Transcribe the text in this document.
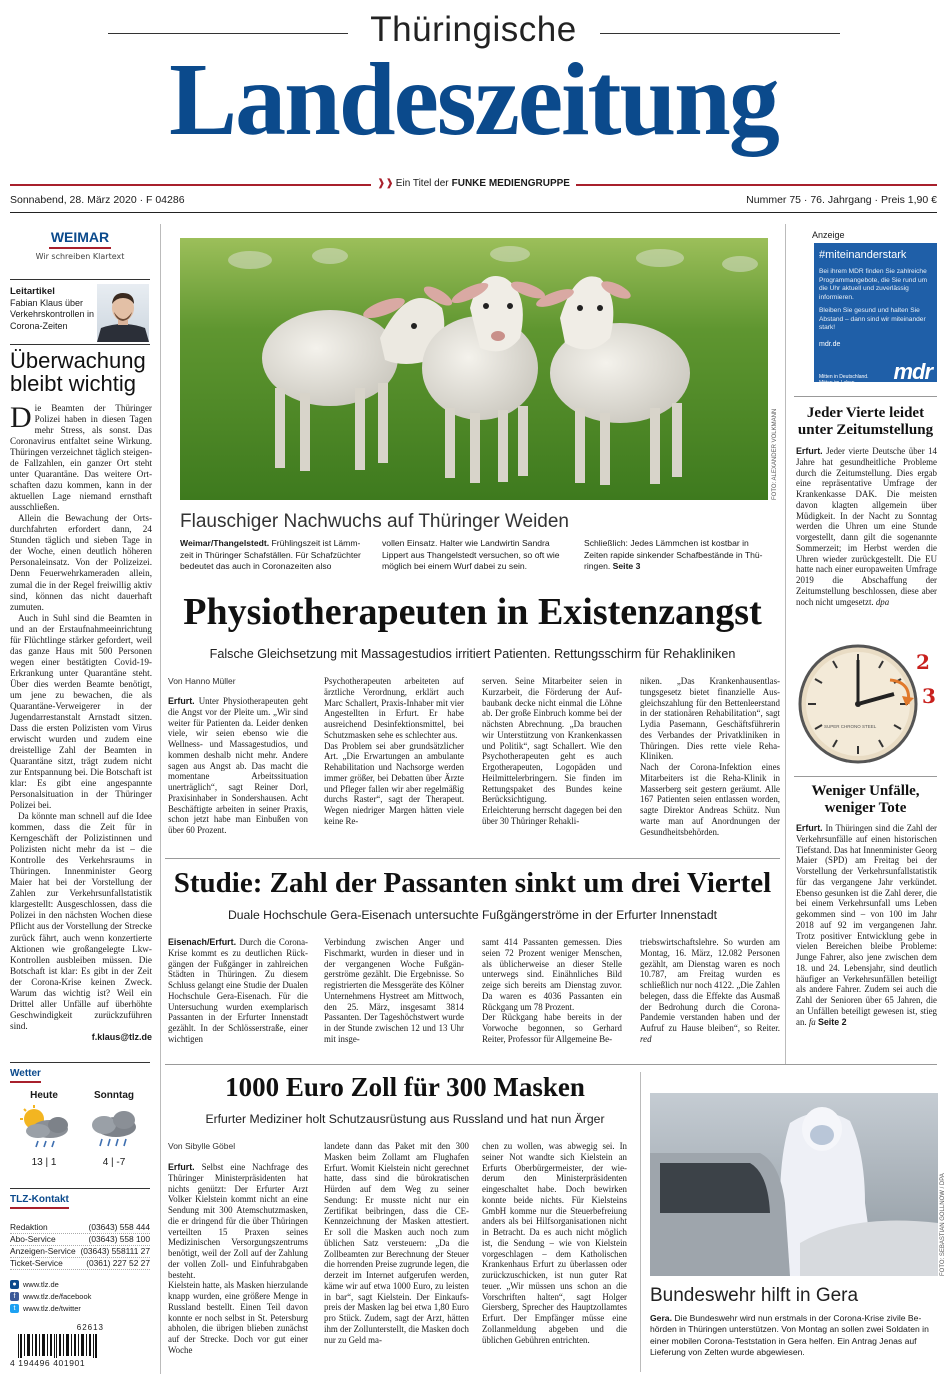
Thüringische
Landeszeitung
❱❱ Ein Titel der FUNKE MEDIENGRUPPE
Sonnabend, 28. März 2020 · F 04286	Nummer 75 · 76. Jahrgang · Preis 1,90 €
WEIMAR
Wir schreiben Klartext
Leitartikel
Fabian Klaus über Verkehrskontrollen in Corona-Zeiten
Überwachung bleibt wichtig
D ie Beamten der Thüringer Polizei haben in diesen Tagen mehr Stress, als sonst. Das Coronavirus entfaltet seine Wirkung. Thüringen verzeichnet täglich steigende Fallzahlen, ein ganzer Ort steht unter Quarantäne. Das weitere Ortschaften dazu kommen, kann in der aktuellen Lage niemand ernsthaft ausschließen.

Allein die Bewachung der Ortsdurchfahrten erfordert dann, 24 Stunden täglich und sieben Tage in der Woche, einen deutlich höheren Personaleinsatz. Von der Polizeizei. Denn Feuerwehrkameraden allein, zumal die in der Regel freiwillig aktiv sind, können das nicht dauerhaft zumuten.

Auch in Suhl sind die Beamten in und an der Erstaufnahmeeinrichtung für Flüchtlinge stärker gefordert, weil das ganze Haus mit 500 Personen wegen einer bestätigten Covid-19-Erkrankung unter Quarantäne steht. Über dies werden Beamte benötigt, um jene zu bewachen, die als Quarantäne-Verweigerer in der Jugendarrestanstalt Arnstadt sitzen. Dass die ersten Polizisten vom Virus erwischt wurden und zudem eine dreistellige Zahl der Beamten in Quarantäne sitzt, trägt zudem nicht zur Entspannung bei. Die Botschaft ist klar: Es gibt eine angespannte Personalsituation in der Thüringer Polizei bei.

Da könnte man schnell auf die Idee kommen, dass die Zeit für in Kerngeschäft der Polizistinnen und Polizisten nicht mehr da ist – die Kontrolle des Verkehrsraums in Thüringen. Innenminister Georg Maier hat bei der Vorstellung der Zahlen zur Verkehrsunfallstatistik klargestellt: Ausgeschlossen, dass die Polizei in den nächsten Wochen diese Pflicht aus der Vorstellung der Strecke zurück fährt, auch wenn konzertierte Aktionen wie großangelegte Lkw-Kontrollen ausbleiben müssen. Die Botschaft ist klar: Es gibt in der Zeit der Corona-Krise keinen Zweck. Warum das wichtig ist? Weil ein Drittel aller Unfälle auf überhöhte Geschwindigkeit zurückzuführen sind.

f.klaus@tlz.de
Wetter
Heute
13 | 1
Sonntag
4 | -7
TLZ-Kontakt
Redaktion	(03643) 558 444
Abo-Service	(03643) 558 100
Anzeigen-Service (03643) 558111 27
Ticket-Service	(0361) 227 52 27
● www.tlz.de
f	www.tlz.de/facebook
t	www.tlz.de/twitter
62613
4 194496 401901
FOTO: ALEXANDER VOLKMANN
Flauschiger Nachwuchs auf Thüringer Weiden
Weimar/Thangelstedt. Frühlingszeit ist Lämmzeit in Thüringer Schafställen. Für Schafzüchter bedeutet das auch in Coronazeiten also
vollen Einsatz. Halter wie Landwirtin Sandra Lippert aus Thangelstedt versuchen, so oft wie möglich bei einem Wurf dabei zu sein.
Schließlich: Jedes Lämmchen ist kostbar in Zeiten rapide sinkender Schafbestände in Thüringen. Seite 3
Physiotherapeuten in Existenzangst
Falsche Gleichsetzung mit Massagestudios irritiert Patienten. Rettungsschirm für Rehakliniken
Von Hanno Müller
Erfurt. Unter Physiotherapeuten geht die Angst vor der Pleite um. „Wir sind weiter für Patienten da. Leider denken viele, wir seien ebenso wie die Wellness- und Massagestudios, und kommen deshalb nicht mehr. Andere sagen aus Angst ab. Das macht die momentane Arbeitssituation unerträglich“, sagt Reiner Dorl, Praxisinhaber in Sondershausen. Acht Beschäftigte arbeiten in seiner Praxis, schon jetzt habe man Einbußen von über 60 Prozent.
Psychotherapeuten arbeiteten auf ärztliche Verordnung, erklärt auch Marc Schallert, Praxis-Inhaber mit vier Angestellten in Erfurt. Er habe ausreichend Desinfektionsmittel, bei Schutzmasken sehe es schlechter aus.
Das Problem sei aber grundsätzlicher Art. „Die Erwartungen an ambulante Rehabilitation und Nachsorge werden immer größer, bei Debatten über Ärzte und Pfleger fallen wir aber regelmäßig durchs Raster“, sagt der Therapeut. Wegen niedriger Margen hätten viele keine Re-
serven. Seine Mitarbeiter seien in Kurzarbeit, die Förderung der Aufbaubank decke nicht einmal die Löhne ab. Der große Einbruch komme bei der nächsten Abrechnung. „Da brauchen wir Unterstützung von Krankenkassen und Politik“, sagt Schallert. Wie den Psychotherapeuten geht es auch Ergotherapeuten, Logopäden und Heilmittelerbringern. Sie finden im Rettungspaket des Bundes keine Berücksichtigung.
Erleichterung herrscht dagegen bei den über 30 Thüringer Rehakli-
niken. „Das Krankenhausentlastungsgesetz bietet finanzielle Ausgleichszahlung für den Bettenleerstand in der stationären Rehabilitation“, sagt Lydia Pasemann, Geschäftsführerin des Verbandes der Privatkliniken in Thüringen. Dies rette viele Reha-Kliniken.
Nach der Corona-Infektion eines Mitarbeiters ist die Reha-Klinik in Masserberg seit gestern geräumt. Alle 167 Patienten seien entlassen worden, sagte Direktor Andreas Schütz. Nun warte man auf Anordnungen der Gesundheitsbehörden.
Studie: Zahl der Passanten sinkt um drei Viertel
Duale Hochschule Gera-Eisenach untersuchte Fußgängerströme in der Erfurter Innenstadt
Eisenach/Erfurt. Durch die Corona-Krise kommt es zu deutlichen Rückgängen der Fußgänger in zahlreichen Städten in Thüringen. Zu diesem Schluss gelangt eine Studie der Dualen Hochschule Gera-Eisenach. Für die Untersuchung wurden exemplarisch Passanten in der Erfurter Innenstadt gezählt. In der Schlösserstraße, einer wichtigen
Verbindung zwischen Anger und Fischmarkt, wurden in dieser und in der vergangenen Woche Fußgängerströme gezählt. Die Ergebnisse. So registrierten die Messgeräte des Kölner Unternehmens Hystreet am Mittwoch, den 25. März, insgesamt 3814 Passanten. Der Tageshöchstwert wurde in der Stunde zwischen 12 und 13 Uhr mit insge-
samt 414 Passanten gemessen. Dies seien 72 Prozent weniger Menschen, als üblicherweise an dieser Stelle unterwegs sind. Einähnliches Bild zeige sich bereits am Dienstag zuvor. Da waren es 4036 Passanten ein Rückgang um 78 Prozent.
Der Rückgang habe bereits in der Vorwoche begonnen, so Gerhard Reiter, Professor für Allgemeine Be-
triebswirtschaftslehre. So wurden am Montag, 16. März, 12.082 Personen gezählt, am Dienstag waren es noch 10.787, am Freitag wurden es schließlich nur noch 4122. „Die Zahlen belegen, dass die Effekte das Ausmaß der Bedrohung durch die Corona-Pandemie verstanden haben und der Aufruf zu Hause bleiben“, so Reiter. red
1000 Euro Zoll für 300 Masken
Erfurter Mediziner holt Schutzausrüstung aus Russland und hat nun Ärger
Von Sibylle Göbel
Erfurt. Selbst eine Nachfrage des Thüringer Ministerpräsidenten hat nichts genützt: Der Erfurter Arzt Volker Kielstein kommt nicht an eine Sendung mit 300 Atemschutzmasken, die er dringend für die über Thüringen verteilten 15 Praxen seines Medizinischen Versorgungszentrums benötigt, weil der Zoll auf der Zahlung der vollen Zoll- und Einfuhrabgaben besteht.
Kielstein hatte, als Masken hierzulande knapp wurden, eine größere Menge in Russland bestellt. Einen Teil davon konnte er noch selbst in St. Petersburg abholen, die übrigen blieben zunächst auf der Strecke. Doch vor gut einer Woche
landete dann das Paket mit den 300 Masken beim Zollamt am Flughafen Erfurt. Womit Kielstein nicht gerechnet hatte, dass sind die bürokratischen Hürden auf dem Weg zu seiner Sendung: Er musste nicht nur ein Zertifikat beibringen, dass die CE-Kennzeichnung der Masken attestiert. Er soll die Masken auch noch zum üblichen Satz versteuern: „Da die Zollbeamten zur Berechnung der Steuer die horrenden Preise zugrunde legen, die derzeit im Internet aufgerufen werden, käme wir auf etwa 1000 Euro, zu leisten in bar“, sagt Kielstein. Der Einkaufspreis der Masken lag bei etwa 1,80 Euro pro Stück. Zudem, sagt der Arzt, hätten ihm der Zollunterstellt, die Masken doch nur zu Geld ma-
chen zu wollen, was abwegig sei. In seiner Not wandte sich Kielstein an Erfurts Oberbürgermeister, der wiederum den Ministerpräsidenten eingeschaltet habe. Doch bewirken konnte beide nichts. Für Kielsteins GmbH komme nur die Steuerbefreiung anders als bei Hilfsorganisationen nicht in Betracht. Da es auch nicht möglich ist, die Sendung – wie von Kielstein vorgeschlagen – dem Katholischen Krankenhaus Erfurt zu überlassen oder zurückzuschicken, ist nun guter Rat teuer. „Wir müssen uns schon an die Vorschriften halten“, sagt Holger Giersberg, Sprecher des Hauptzollamtes Erfurt. Der Empfänger müsse eine Zollanmeldung abgeben und die üblichen Gebühren entrichten.
Anzeige
#miteinanderstark
Bei ihrem MDR finden Sie zahlreiche Programmangebote, die Sie rund um die Uhr aktuell und zuverlässig informieren.
Bleiben Sie gesund und halten Sie Abstand – dann sind wir miteinander stark!
mdr.de
Mitten in Deutschland. Mitten im Leben.	mdr
Jeder Vierte leidet unter Zeitumstellung
Erfurt. Jeder vierte Deutsche über 14 Jahre hat gesundheitliche Probleme durch die Zeitumstellung. Dies ergab eine repräsentative Umfrage der Krankenkasse DAK. Die meisten davon klagten allgemein über Müdigkeit. In der Nacht zu Sonntag werden die Uhren um eine Stunde vorgestellt, dann gilt die sogenannte Sommerzeit; im Herbst werden die Uhren wieder zurückgestellt. Die EU hatte nach einer europaweiten Umfrage 2019 die Abschaffung der Zeitumstellung beschlossen, diese aber noch nicht umgesetzt. dpa
SUPER CHRONO STEEL
2
3
Weniger Unfälle, weniger Tote
Erfurt. In Thüringen sind die Zahl der Verkehrsunfälle auf einen historischen Tiefstand. Das hat Innenminister Georg Maier (SPD) am Freitag bei der Vorstellung der Verkehrsunfallstatistik für das vergangene Jahr verkündet. Ebenso gesunken ist die Zahl derer, die bei einem Verkehrsunfall ums Leben gekommen sind – von 100 im Jahr 2018 auf 92 im vergangenen Jahr. Trotz positiver Entwicklung gebe in vielen Bereichen bleibe Probleme: Junge Fahrer, also jene zwischen dem 18. und 24. Lebensjahr, sind deutlich häufiger an Verkehrsunfällen beteiligt als andere Fahrer. Zudem sei auch die Zahl der Senioren über 65 Jahren, die an Unfällen beteiligt gewesen ist, stieg an. fa Seite 2
FOTO: SEBASTIAN GOLLNOW / DPA
Bundeswehr hilft in Gera
Gera. Die Bundeswehr wird nun erstmals in der Corona-Krise zivile Behörden in Thüringen unterstützen. Von Montag an sollen zwei Soldaten in einer mobilen Corona-Teststation in Gera helfen. Ein Antrag Jenas auf Lieferung von Zelten wurde abgewiesen.
